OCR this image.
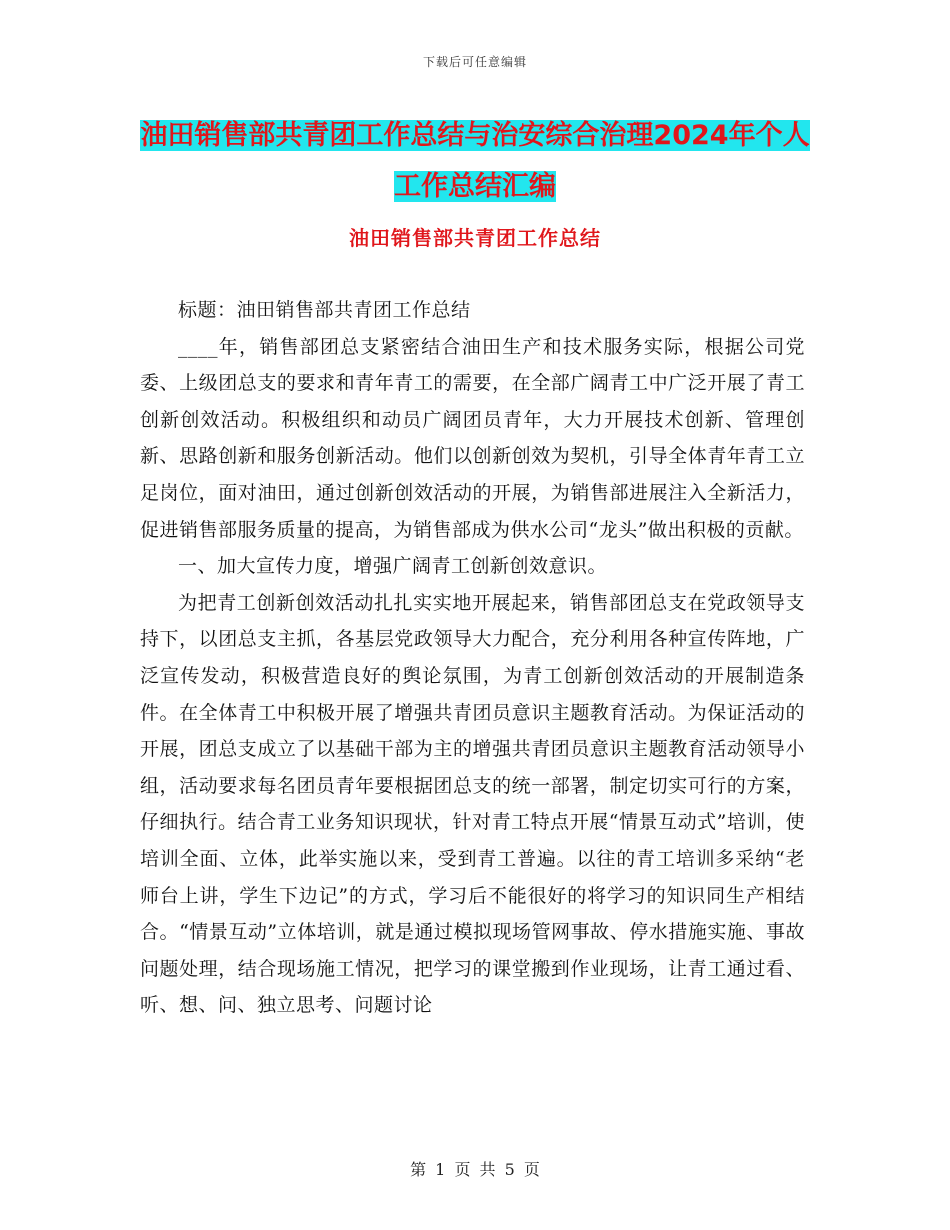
下载后可任意编辑
油田销售部共青团工作总结与治安综合治理2024年个人工作总结汇编
油田销售部共青团工作总结

标题：油田销售部共青团工作总结

____年，销售部团总支紧密结合油田生产和技术服务实际，根据公司党委、上级团总支的要求和青年青工的需要，在全部广阔青工中广泛开展了青工创新创效活动。积极组织和动员广阔团员青年，大力开展技术创新、管理创新、思路创新和服务创新活动。他们以创新创效为契机，引导全体青年青工立足岗位，面对油田，通过创新创效活动的开展，为销售部进展注入全新活力，促进销售部服务质量的提高，为销售部成为供水公司“龙头”做出积极的贡献。

一、加大宣传力度，增强广阔青工创新创效意识。

为把青工创新创效活动扎扎实实地开展起来，销售部团总支在党政领导支持下，以团总支主抓，各基层党政领导大力配合，充分利用各种宣传阵地，广泛宣传发动，积极营造良好的舆论氛围，为青工创新创效活动的开展制造条件。在全体青工中积极开展了增强共青团员意识主题教育活动。为保证活动的开展，团总支成立了以基础干部为主的增强共青团员意识主题教育活动领导小组，活动要求每名团员青年要根据团总支的统一部署，制定切实可行的方案，仔细执行。结合青工业务知识现状，针对青工特点开展“情景互动式”培训，使培训全面、立体，此举实施以来，受到青工普遍。以往的青工培训多采纳“老师台上讲，学生下边记”的方式，学习后不能很好的将学习的知识同生产相结合。“情景互动”立体培训，就是通过模拟现场管网事故、停水措施实施、事故问题处理，结合现场施工情况，把学习的课堂搬到作业现场，让青工通过看、听、想、问、独立思考、问题讨论

第 1 页 共 5 页
